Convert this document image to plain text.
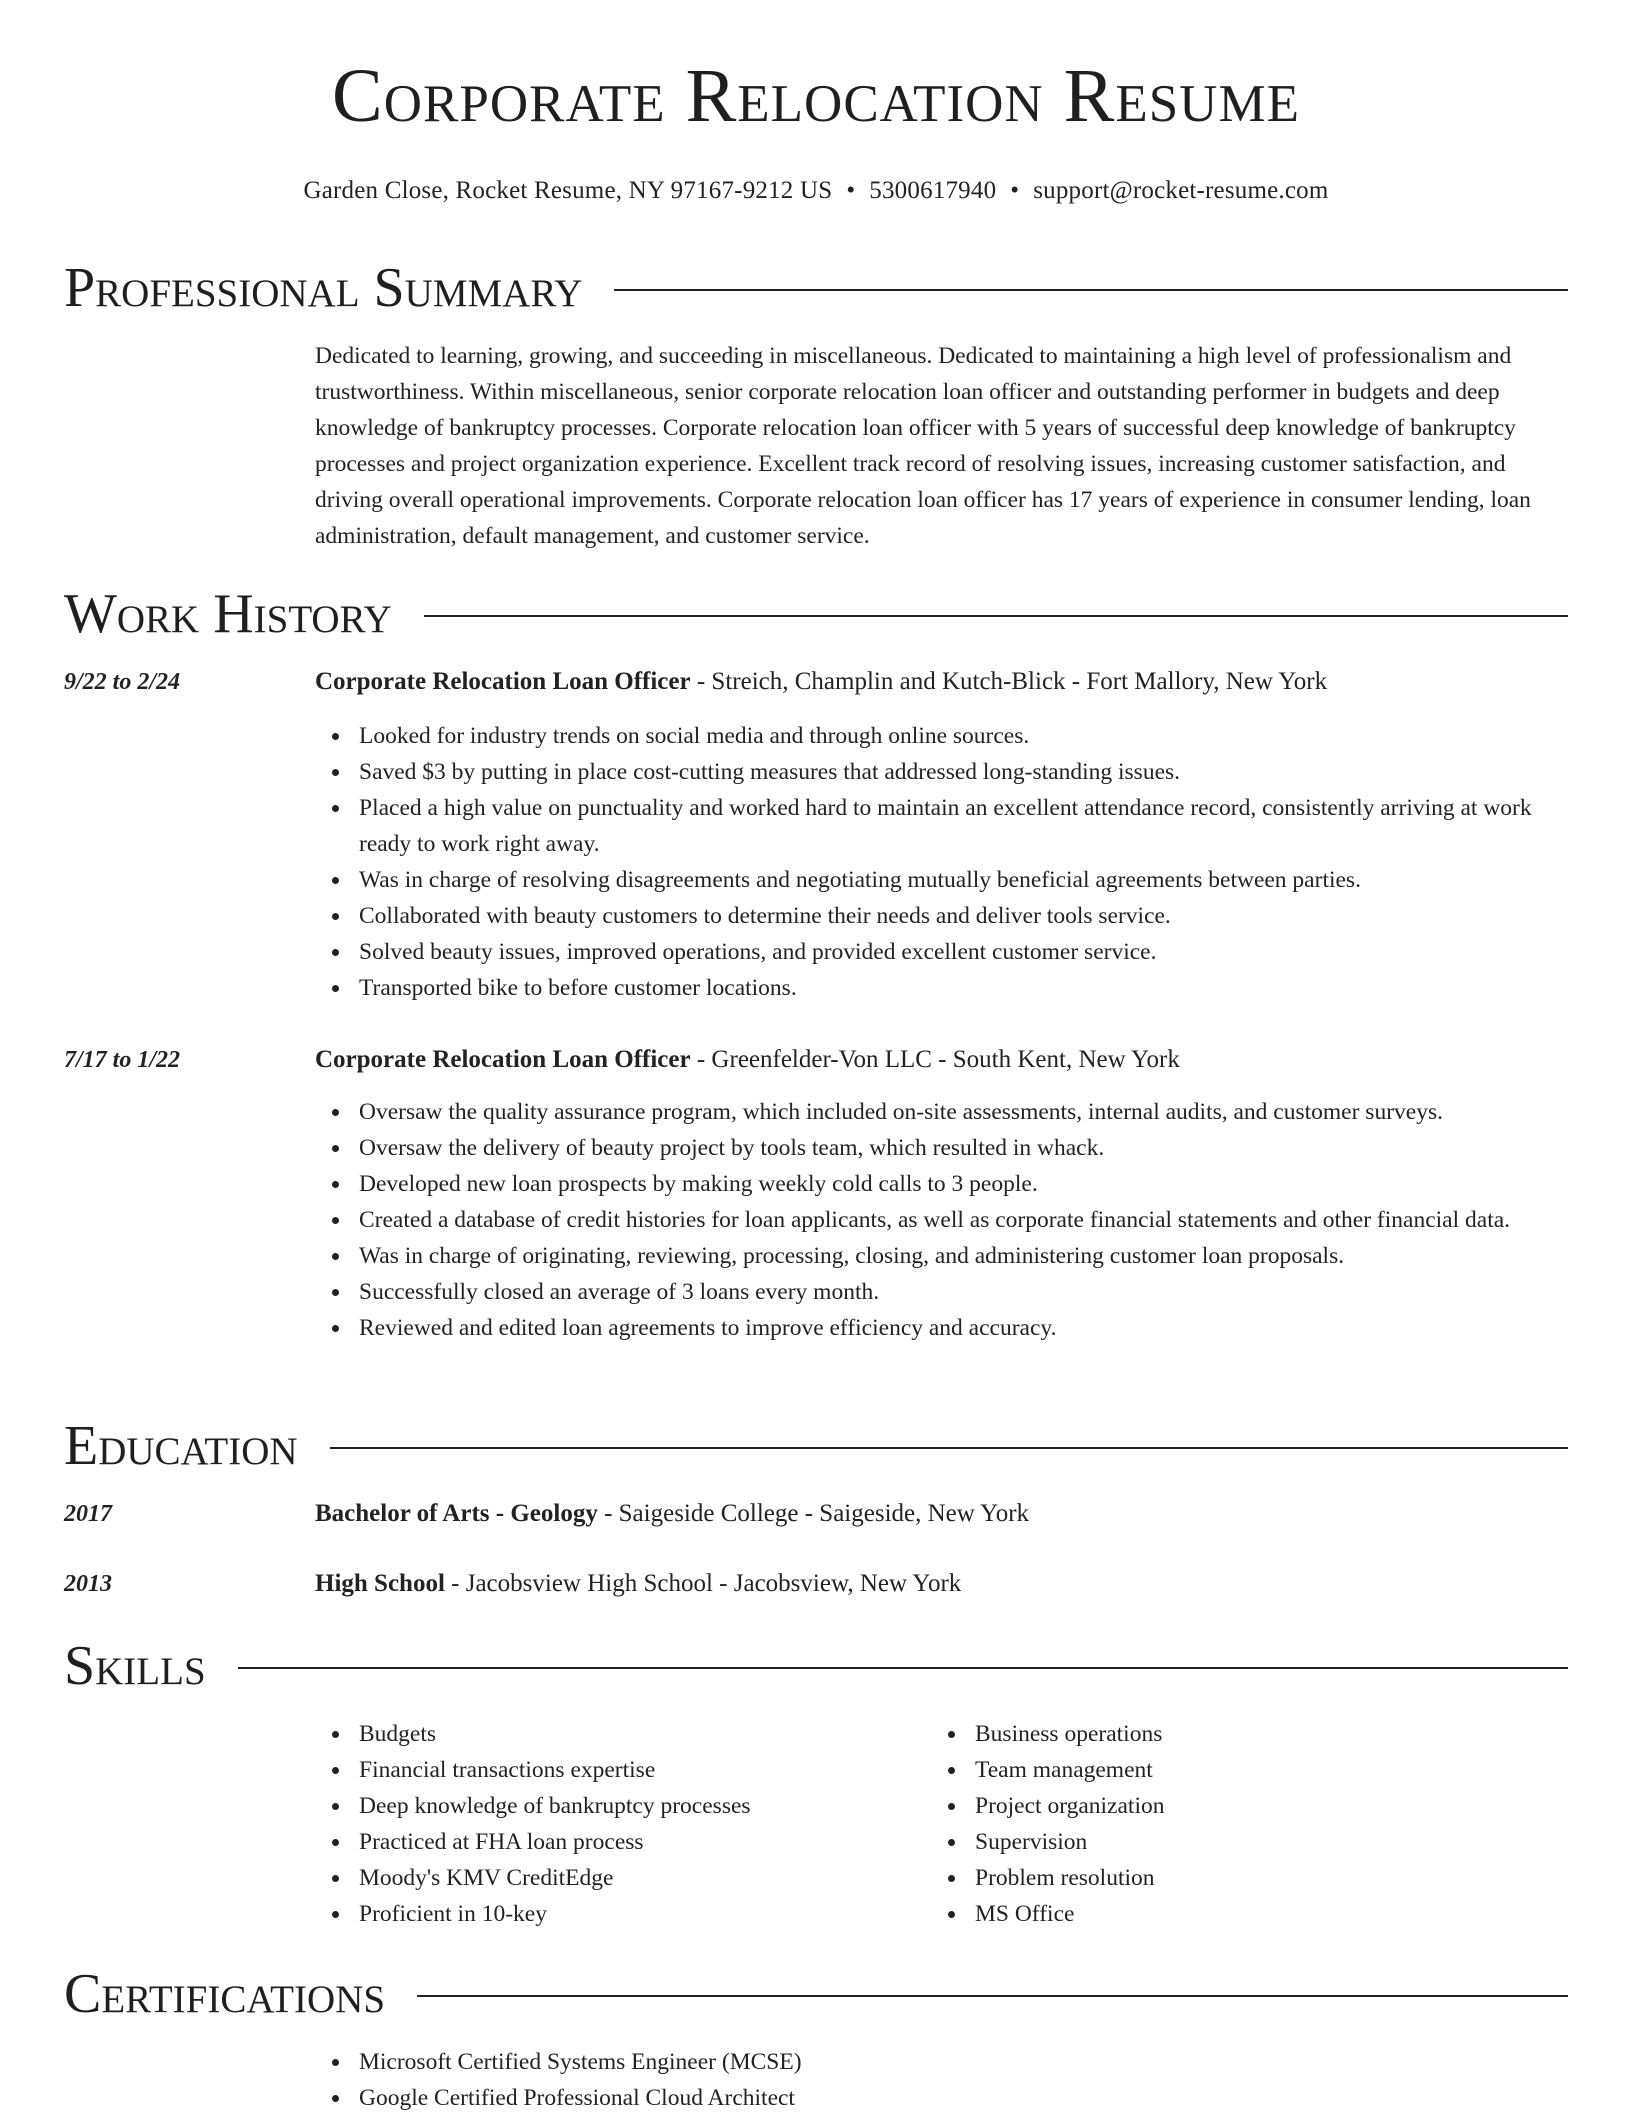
Corporate Relocation Resume
Garden Close, Rocket Resume, NY 97167-9212 US • 5300617940 • support@rocket-resume.com
Professional Summary
Dedicated to learning, growing, and succeeding in miscellaneous. Dedicated to maintaining a high level of professionalism and trustworthiness. Within miscellaneous, senior corporate relocation loan officer and outstanding performer in budgets and deep knowledge of bankruptcy processes. Corporate relocation loan officer with 5 years of successful deep knowledge of bankruptcy processes and project organization experience. Excellent track record of resolving issues, increasing customer satisfaction, and driving overall operational improvements. Corporate relocation loan officer has 17 years of experience in consumer lending, loan administration, default management, and customer service.
Work History
9/22 to 2/24	Corporate Relocation Loan Officer - Streich, Champlin and Kutch-Blick - Fort Mallory, New York
Looked for industry trends on social media and through online sources.
Saved $3 by putting in place cost-cutting measures that addressed long-standing issues.
Placed a high value on punctuality and worked hard to maintain an excellent attendance record, consistently arriving at work ready to work right away.
Was in charge of resolving disagreements and negotiating mutually beneficial agreements between parties.
Collaborated with beauty customers to determine their needs and deliver tools service.
Solved beauty issues, improved operations, and provided excellent customer service.
Transported bike to before customer locations.
7/17 to 1/22	Corporate Relocation Loan Officer - Greenfelder-Von LLC - South Kent, New York
Oversaw the quality assurance program, which included on-site assessments, internal audits, and customer surveys.
Oversaw the delivery of beauty project by tools team, which resulted in whack.
Developed new loan prospects by making weekly cold calls to 3 people.
Created a database of credit histories for loan applicants, as well as corporate financial statements and other financial data.
Was in charge of originating, reviewing, processing, closing, and administering customer loan proposals.
Successfully closed an average of 3 loans every month.
Reviewed and edited loan agreements to improve efficiency and accuracy.
Education
2017	Bachelor of Arts - Geology - Saigeside College - Saigeside, New York
2013	High School - Jacobsview High School - Jacobsview, New York
Skills
Budgets
Financial transactions expertise
Deep knowledge of bankruptcy processes
Practiced at FHA loan process
Moody's KMV CreditEdge
Proficient in 10-key
Business operations
Team management
Project organization
Supervision
Problem resolution
MS Office
Certifications
Microsoft Certified Systems Engineer (MCSE)
Google Certified Professional Cloud Architect
